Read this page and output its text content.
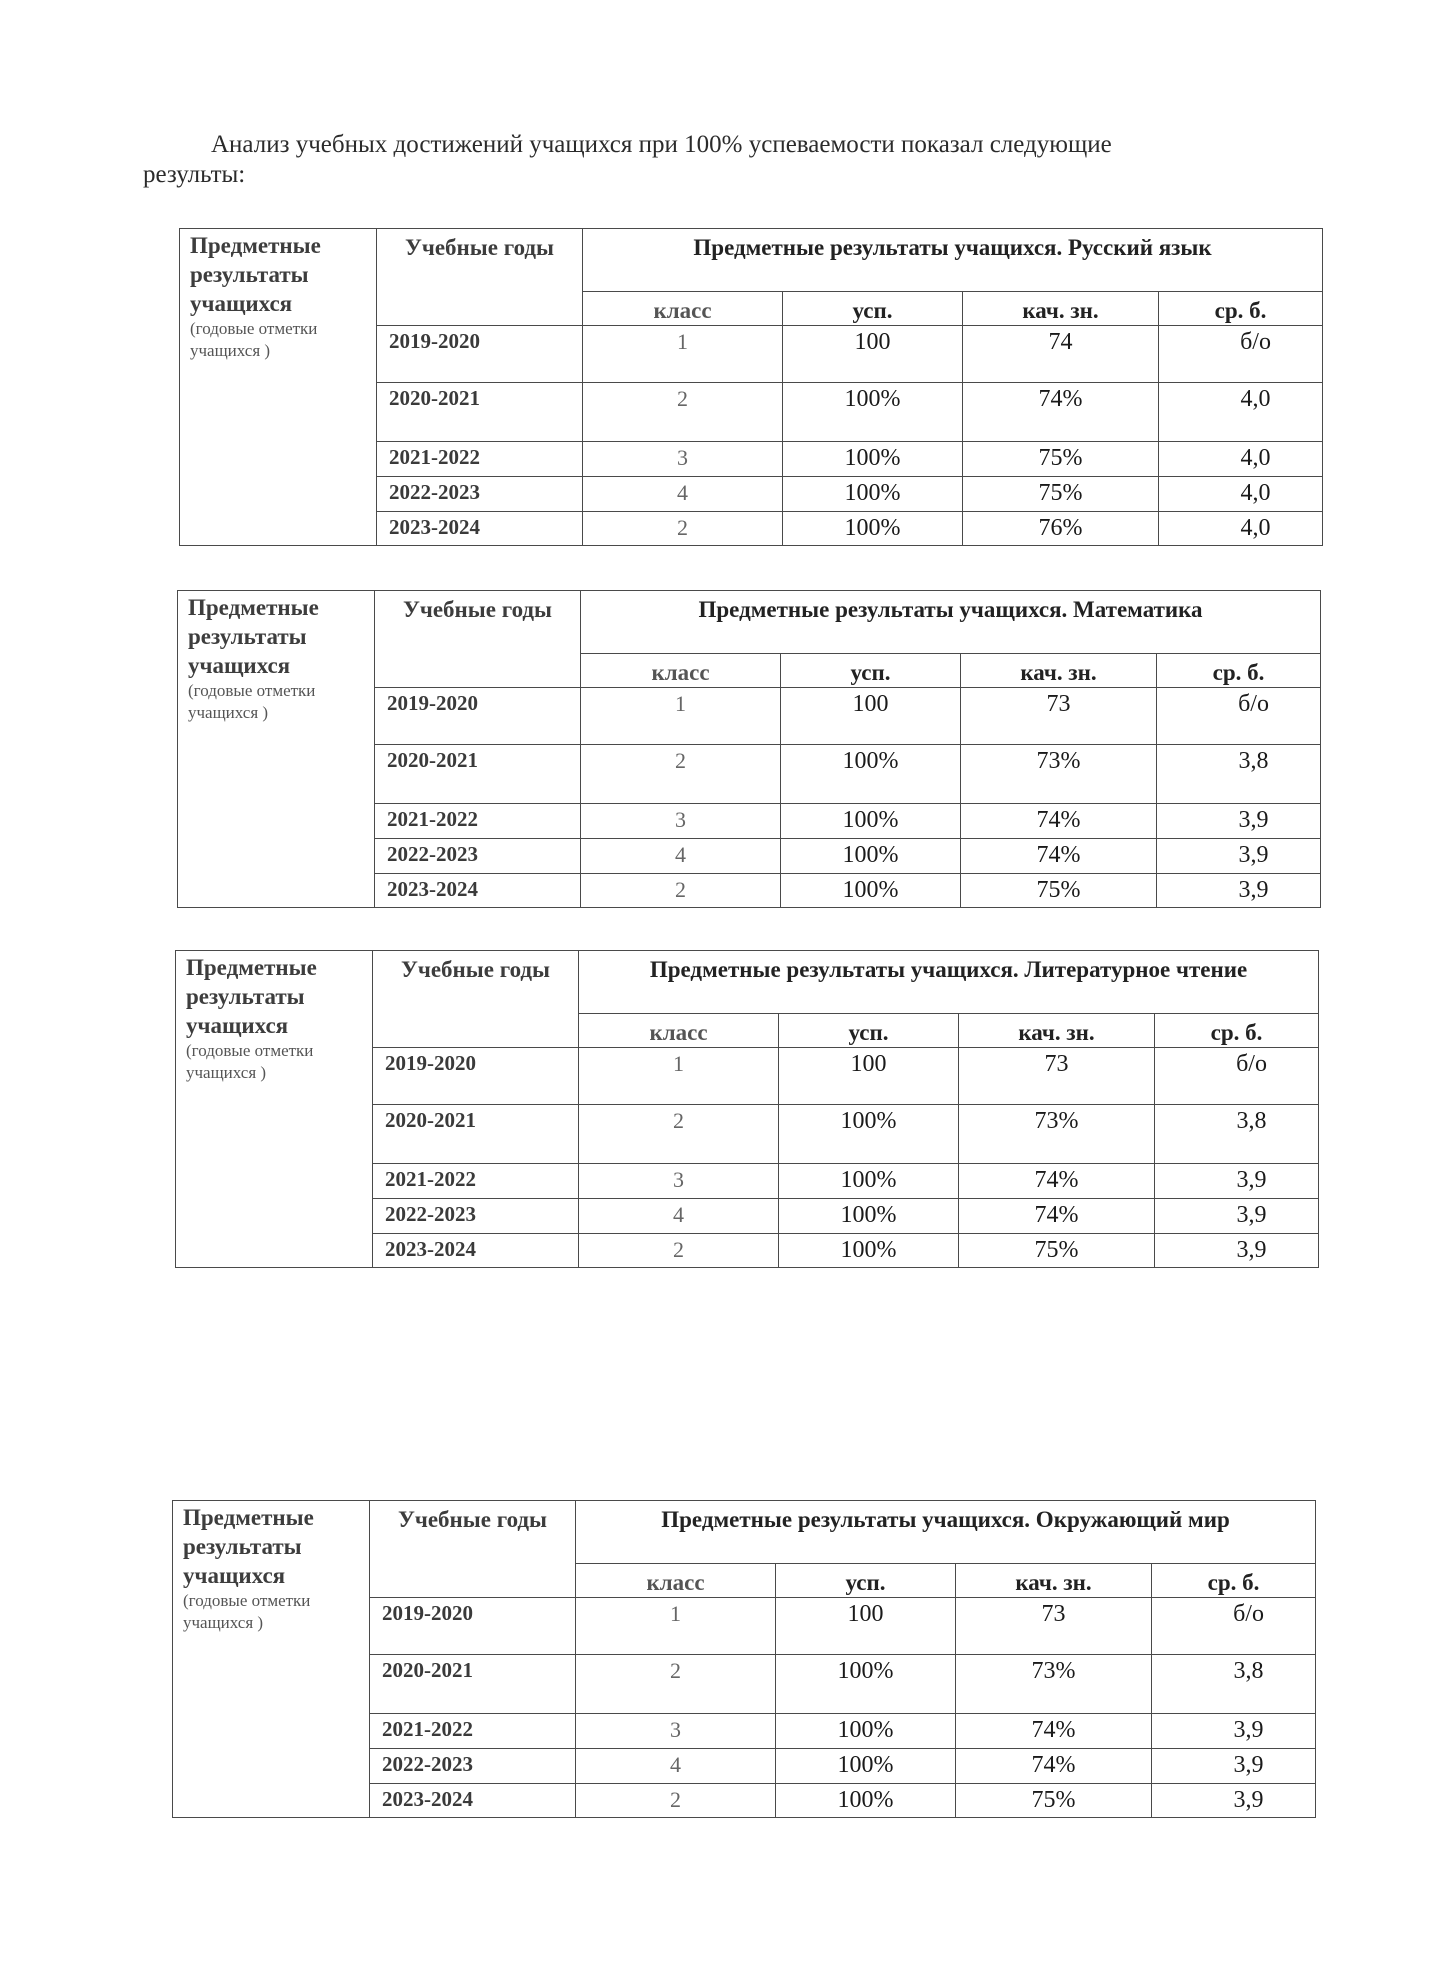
Анализ учебных достижений учащихся при 100% успеваемости показал следующие
результы:
Предметные результаты учащихся
(годовые отметки учащихся )	Учебные годы	Предметные результаты учащихся. Русский язык			
		класс	усп.	кач. зн.	ср. б.
	2019-2020	1	100	74	б/о
	2020-2021	2	100%	74%	4,0
	2021-2022	3	100%	75%	4,0
	2022-2023	4	100%	75%	4,0
	2023-2024	2	100%	76%	4,0
Предметные результаты учащихся
(годовые отметки учащихся )	Учебные годы	Предметные результаты учащихся. Математика			
		класс	усп.	кач. зн.	ср. б.
	2019-2020	1	100	73	б/о
	2020-2021	2	100%	73%	3,8
	2021-2022	3	100%	74%	3,9
	2022-2023	4	100%	74%	3,9
	2023-2024	2	100%	75%	3,9
Предметные результаты учащихся
(годовые отметки учащихся )	Учебные годы	Предметные результаты учащихся. Литературное чтение			
		класс	усп.	кач. зн.	ср. б.
	2019-2020	1	100	73	б/о
	2020-2021	2	100%	73%	3,8
	2021-2022	3	100%	74%	3,9
	2022-2023	4	100%	74%	3,9
	2023-2024	2	100%	75%	3,9
Предметные результаты учащихся
(годовые отметки учащихся )	Учебные годы	Предметные результаты учащихся. Окружающий мир			
		класс	усп.	кач. зн.	ср. б.
	2019-2020	1	100	73	б/о
	2020-2021	2	100%	73%	3,8
	2021-2022	3	100%	74%	3,9
	2022-2023	4	100%	74%	3,9
	2023-2024	2	100%	75%	3,9
